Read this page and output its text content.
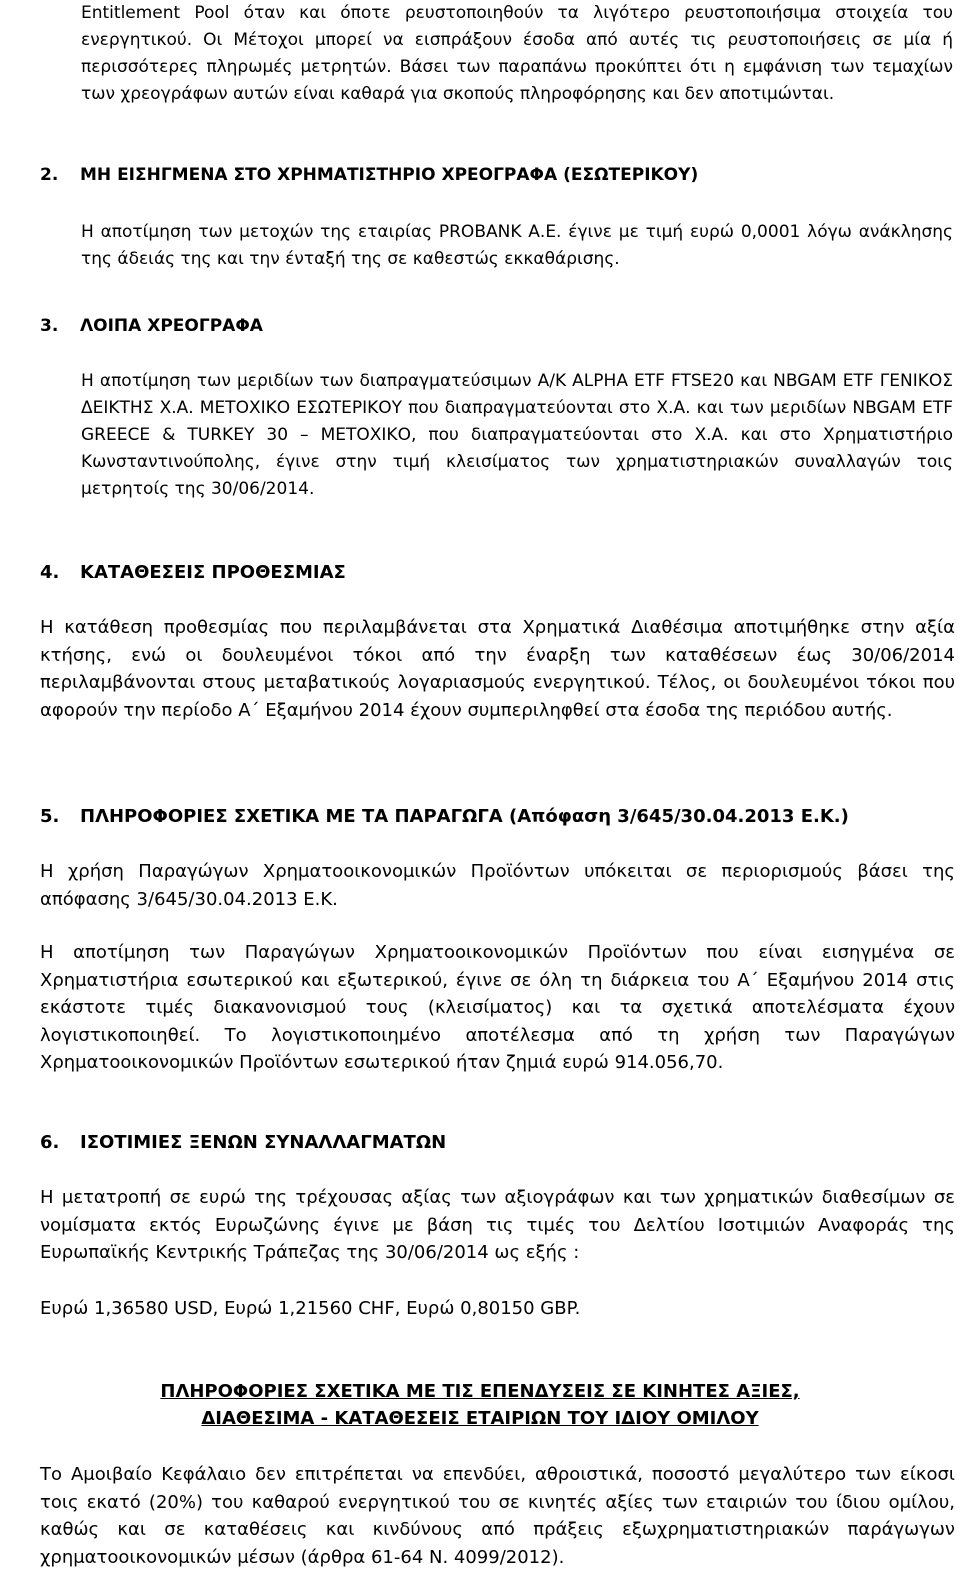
Entitlement Pool όταν και όποτε ρευστοποιηθούν τα λιγότερο ρευστοποιήσιμα στοιχεία του ενεργητικού. Οι Μέτοχοι μπορεί να εισπράξουν έσοδα από αυτές τις ρευστοποιήσεις σε μία ή περισσότερες πληρωμές μετρητών. Βάσει των παραπάνω προκύπτει ότι η εμφάνιση των τεμαχίων των χρεογράφων αυτών είναι καθαρά για σκοπούς πληροφόρησης και δεν αποτιμώνται.

2. ΜΗ ΕΙΣΗΓΜΕΝΑ ΣΤΟ ΧΡΗΜΑΤΙΣΤΗΡΙΟ ΧΡΕΟΓΡΑΦΑ (ΕΣΩΤΕΡΙΚΟΥ)

Η αποτίμηση των μετοχών της εταιρίας PROBANK Α.Ε. έγινε με τιμή ευρώ 0,0001 λόγω ανάκλησης της άδειάς της και την ένταξή της σε καθεστώς εκκαθάρισης.

3. ΛΟΙΠΑ ΧΡΕΟΓΡΑΦΑ

Η αποτίμηση των μεριδίων των διαπραγματεύσιμων Α/Κ ALPHA ETF FTSE20 και NBGAM ETF ΓΕΝΙΚΟΣ ΔΕΙΚΤΗΣ Χ.Α. ΜΕΤΟΧΙΚΟ ΕΣΩΤΕΡΙΚΟΥ που διαπραγματεύονται στο Χ.Α. και των μεριδίων NBGAM ETF GREECE & TURKEY 30 – ΜΕΤΟΧΙΚΟ, που διαπραγματεύονται στο Χ.Α. και στο Χρηματιστήριο Κωνσταντινούπολης, έγινε στην τιμή κλεισίματος των χρηματιστηριακών συναλλαγών τοις μετρητοίς της 30/06/2014.

4. ΚΑΤΑΘΕΣΕΙΣ ΠΡΟΘΕΣΜΙΑΣ

Η κατάθεση προθεσμίας που περιλαμβάνεται στα Χρηματικά Διαθέσιμα αποτιμήθηκε στην αξία κτήσης, ενώ οι δουλευμένοι τόκοι από την έναρξη των καταθέσεων έως 30/06/2014 περιλαμβάνονται στους μεταβατικούς λογαριασμούς ενεργητικού. Τέλος, οι δουλευμένοι τόκοι που αφορούν την περίοδο Α΄ Εξαμήνου 2014 έχουν συμπεριληφθεί στα έσοδα της περιόδου αυτής.

5. ΠΛΗΡΟΦΟΡΙΕΣ ΣΧΕΤΙΚΑ ΜΕ ΤΑ ΠΑΡΑΓΩΓΑ (Απόφαση 3/645/30.04.2013 Ε.Κ.)

Η χρήση Παραγώγων Χρηματοοικονομικών Προϊόντων υπόκειται σε περιορισμούς βάσει της απόφασης 3/645/30.04.2013 Ε.Κ.

Η αποτίμηση των Παραγώγων Χρηματοοικονομικών Προϊόντων που είναι εισηγμένα σε Χρηματιστήρια εσωτερικού και εξωτερικού, έγινε σε όλη τη διάρκεια του Α΄ Εξαμήνου 2014 στις εκάστοτε τιμές διακανονισμού τους (κλεισίματος) και τα σχετικά αποτελέσματα έχουν λογιστικοποιηθεί. Το λογιστικοποιημένο αποτέλεσμα από τη χρήση των Παραγώγων Χρηματοοικονομικών Προϊόντων εσωτερικού ήταν ζημιά ευρώ 914.056,70.

6. ΙΣΟΤΙΜΙΕΣ ΞΕΝΩΝ ΣΥΝΑΛΛΑΓΜΑΤΩΝ

Η μετατροπή σε ευρώ της τρέχουσας αξίας των αξιογράφων και των χρηματικών διαθεσίμων σε νομίσματα εκτός Ευρωζώνης έγινε με βάση τις τιμές του Δελτίου Ισοτιμιών Αναφοράς της Ευρωπαϊκής Κεντρικής Τράπεζας της 30/06/2014 ως εξής :

Ευρώ 1,36580 USD, Ευρώ 1,21560 CHF, Ευρώ 0,80150 GBP.

ΠΛΗΡΟΦΟΡΙΕΣ ΣΧΕΤΙΚΑ ΜΕ ΤΙΣ ΕΠΕΝΔΥΣΕΙΣ ΣΕ ΚΙΝΗΤΕΣ ΑΞΙΕΣ,

ΔΙΑΘΕΣΙΜΑ - ΚΑΤΑΘΕΣΕΙΣ ΕΤΑΙΡΙΩΝ ΤΟΥ ΙΔΙΟΥ ΟΜΙΛΟΥ

Το Αμοιβαίο Κεφάλαιο δεν επιτρέπεται να επενδύει, αθροιστικά, ποσοστό μεγαλύτερο των είκοσι τοις εκατό (20%) του καθαρού ενεργητικού του σε κινητές αξίες των εταιριών του ίδιου ομίλου, καθώς και σε καταθέσεις και κινδύνους από πράξεις εξωχρηματιστηριακών παράγωγων χρηματοοικονομικών μέσων (άρθρα 61-64 Ν. 4099/2012).
